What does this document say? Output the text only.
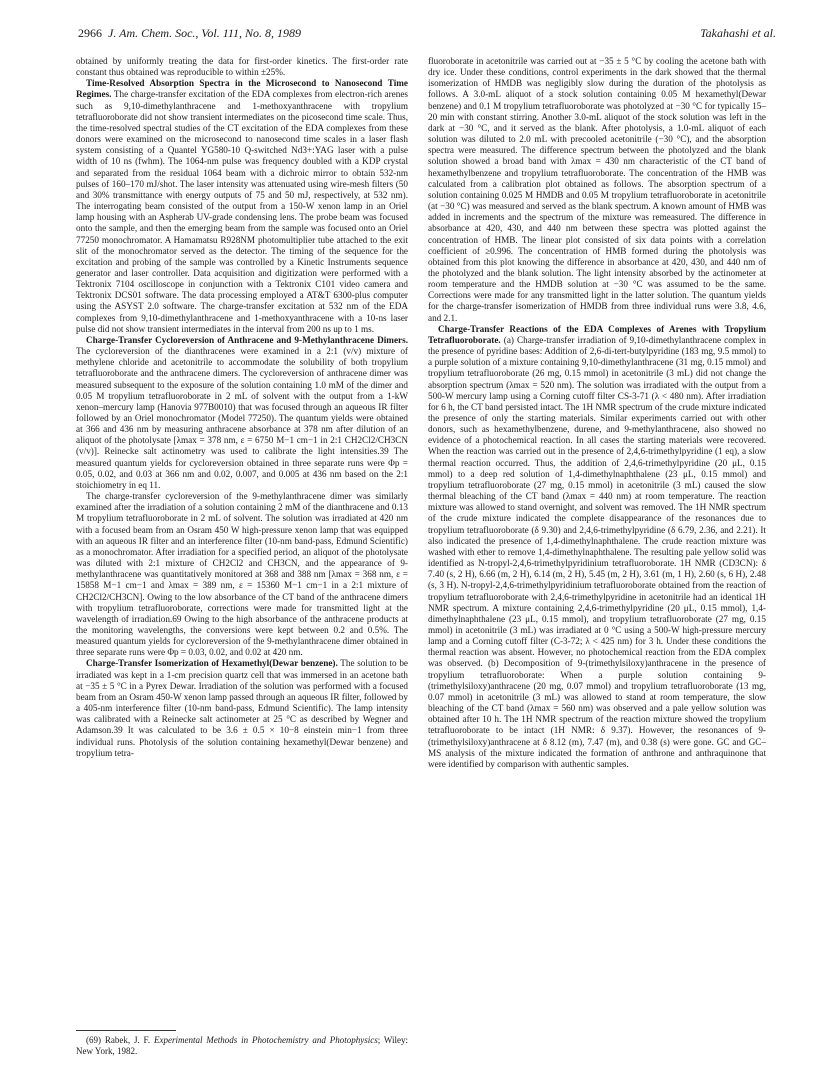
2966 J. Am. Chem. Soc., Vol. 111, No. 8, 1989	Takahashi et al.

obtained by uniformly treating the data for first-order kinetics. The first-order rate constant thus obtained was reproducible to within ±25%.

Time-Resolved Absorption Spectra in the Microsecond to Nanosecond Time Regimes. The charge-transfer excitation of the EDA complexes from electron-rich arenes such as 9,10-dimethylanthracene and 1-methoxyanthracene with tropylium tetrafluoroborate did not show transient intermediates on the picosecond time scale. Thus, the time-resolved spectral studies of the CT excitation of the EDA complexes from these donors were examined on the microsecond to nanosecond time scales in a laser flash system consisting of a Quantel YG580-10 Q-switched Nd3+:YAG laser with a pulse width of 10 ns (fwhm). The 1064-nm pulse was frequency doubled with a KDP crystal and separated from the residual 1064 beam with a dichroic mirror to obtain 532-nm pulses of 160–170 mJ/shot. The laser intensity was attenuated using wire-mesh filters (50 and 30% transmittance with energy outputs of 75 and 50 mJ, respectively, at 532 nm). The interrogating beam consisted of the output from a 150-W xenon lamp in an Oriel lamp housing with an Aspherab UV-grade condensing lens. The probe beam was focused onto the sample, and then the emerging beam from the sample was focused onto an Oriel 77250 monochromator. A Hamamatsu R928NM photomultiplier tube attached to the exit slit of the monochromator served as the detector. The timing of the sequence for the excitation and probing of the sample was controlled by a Kinetic Instruments sequence generator and laser controller. Data acquisition and digitization were performed with a Tektronix 7104 oscilloscope in conjunction with a Tektronix C101 video camera and Tektronix DCS01 software. The data processing employed a AT&T 6300-plus computer using the ASYST 2.0 software. The charge-transfer excitation at 532 nm of the EDA complexes from 9,10-dimethylanthracene and 1-methoxyanthracene with a 10-ns laser pulse did not show transient intermediates in the interval from 200 ns up to 1 ms.

Charge-Transfer Cycloreversion of Anthracene and 9-Methylanthracene Dimers. The cycloreversion of the dianthracenes were examined in a 2:1 (v/v) mixture of methylene chloride and acetonitrile to accommodate the solubility of both tropylium tetrafluoroborate and the anthracene dimers. The cycloreversion of anthracene dimer was measured subsequent to the exposure of the solution containing 1.0 mM of the dimer and 0.05 M tropylium tetrafluoroborate in 2 mL of solvent with the output from a 1-kW xenon–mercury lamp (Hanovia 977B0010) that was focused through an aqueous IR filter followed by an Oriel monochromator (Model 77250). The quantum yields were obtained at 366 and 436 nm by measuring anthracene absorbance at 378 nm after dilution of an aliquot of the photolysate [λmax = 378 nm, ε = 6750 M−1 cm−1 in 2:1 CH2Cl2/CH3CN (v/v)]. Reinecke salt actinometry was used to calibrate the light intensities.39 The measured quantum yields for cycloreversion obtained in three separate runs were Φp = 0.05, 0.02, and 0.03 at 366 nm and 0.02, 0.007, and 0.005 at 436 nm based on the 2:1 stoichiometry in eq 11.

The charge-transfer cycloreversion of the 9-methylanthracene dimer was similarly examined after the irradiation of a solution containing 2 mM of the dianthracene and 0.13 M tropylium tetrafluoroborate in 2 mL of solvent. The solution was irradiated at 420 nm with a focused beam from an Osram 450 W high-pressure xenon lamp that was equipped with an aqueous IR filter and an interference filter (10-nm band-pass, Edmund Scientific) as a monochromator. After irradiation for a specified period, an aliquot of the photolysate was diluted with 2:1 mixture of CH2Cl2 and CH3CN, and the appearance of 9-methylanthracene was quantitatively monitored at 368 and 388 nm [λmax = 368 nm, ε = 15858 M−1 cm−1 and λmax = 389 nm, ε = 15360 M−1 cm−1 in a 2:1 mixture of CH2Cl2/CH3CN]. Owing to the low absorbance of the CT band of the anthracene dimers with tropylium tetrafluoroborate, corrections were made for transmitted light at the wavelength of irradiation.69 Owing to the high absorbance of the anthracene products at the monitoring wavelengths, the conversions were kept between 0.2 and 0.5%. The measured quantum yields for cycloreversion of the 9-methylanthracene dimer obtained in three separate runs were Φp = 0.03, 0.02, and 0.02 at 420 nm.

Charge-Transfer Isomerization of Hexamethyl(Dewar benzene). The solution to be irradiated was kept in a 1-cm precision quartz cell that was immersed in an acetone bath at −35 ± 5 °C in a Pyrex Dewar. Irradiation of the solution was performed with a focused beam from an Osram 450-W xenon lamp passed through an aqueous IR filter, followed by a 405-nm interference filter (10-nm band-pass, Edmund Scientific). The lamp intensity was calibrated with a Reinecke salt actinometer at 25 °C as described by Wegner and Adamson.39 It was calculated to be 3.6 ± 0.5 × 10−8 einstein min−1 from three individual runs. Photolysis of the solution containing hexamethyl(Dewar benzene) and tropylium tetra-

fluoroborate in acetonitrile was carried out at −35 ± 5 °C by cooling the acetone bath with dry ice. Under these conditions, control experiments in the dark showed that the thermal isomerization of HMDB was negligibly slow during the duration of the photolysis as follows. A 3.0-mL aliquot of a stock solution containing 0.05 M hexamethyl(Dewar benzene) and 0.1 M tropylium tetrafluoroborate was photolyzed at −30 °C for typically 15–20 min with constant stirring. Another 3.0-mL aliquot of the stock solution was left in the dark at −30 °C, and it served as the blank. After photolysis, a 1.0-mL aliquot of each solution was diluted to 2.0 mL with precooled acetonitrile (−30 °C), and the absorption spectra were measured. The difference spectrum between the photolyzed and the blank solution showed a broad band with λmax = 430 nm characteristic of the CT band of hexamethylbenzene and tropylium tetrafluoroborate. The concentration of the HMB was calculated from a calibration plot obtained as follows. The absorption spectrum of a solution containing 0.025 M HMDB and 0.05 M tropylium tetrafluoroborate in acetonitrile (at −30 °C) was measured and served as the blank spectrum. A known amount of HMB was added in increments and the spectrum of the mixture was remeasured. The difference in absorbance at 420, 430, and 440 nm between these spectra was plotted against the concentration of HMB. The linear plot consisted of six data points with a correlation coefficient of ≥0.996. The concentration of HMB formed during the photolysis was obtained from this plot knowing the difference in absorbance at 420, 430, and 440 nm of the photolyzed and the blank solution. The light intensity absorbed by the actinometer at room temperature and the HMDB solution at −30 °C was assumed to be the same. Corrections were made for any transmitted light in the latter solution. The quantum yields for the charge-transfer isomerization of HMDB from three individual runs were 3.8, 4.6, and 2.1.

Charge-Transfer Reactions of the EDA Complexes of Arenes with Tropylium Tetrafluoroborate. (a) Charge-transfer irradiation of 9,10-dimethylanthracene complex in the presence of pyridine bases: Addition of 2,6-di-tert-butylpyridine (183 mg, 9.5 mmol) to a purple solution of a mixture containing 9,10-dimethylanthracene (31 mg, 0.15 mmol) and tropylium tetrafluoroborate (26 mg, 0.15 mmol) in acetonitrile (3 mL) did not change the absorption spectrum (λmax = 520 nm). The solution was irradiated with the output from a 500-W mercury lamp using a Corning cutoff filter CS-3-71 (λ < 480 nm). After irradiation for 6 h, the CT band persisted intact. The 1H NMR spectrum of the crude mixture indicated the presence of only the starting materials. Similar experiments carried out with other donors, such as hexamethylbenzene, durene, and 9-methylanthracene, also showed no evidence of a photochemical reaction. In all cases the starting materials were recovered. When the reaction was carried out in the presence of 2,4,6-trimethylpyridine (1 eq), a slow thermal reaction occurred. Thus, the addition of 2,4,6-trimethylpyridine (20 μL, 0.15 mmol) to a deep red solution of 1,4-dimethylnaphthalene (23 μL, 0.15 mmol) and tropylium tetrafluoroborate (27 mg, 0.15 mmol) in acetonitrile (3 mL) caused the slow thermal bleaching of the CT band (λmax = 440 nm) at room temperature. The reaction mixture was allowed to stand overnight, and solvent was removed. The 1H NMR spectrum of the crude mixture indicated the complete disappearance of the resonances due to tropylium tetrafluoroborate (δ 9.30) and 2,4,6-trimethylpyridine (δ 6.79, 2.36, and 2.21). It also indicated the presence of 1,4-dimethylnaphthalene. The crude reaction mixture was washed with ether to remove 1,4-dimethylnaphthalene. The resulting pale yellow solid was identified as N-tropyl-2,4,6-trimethylpyridinium tetrafluoroborate. 1H NMR (CD3CN): δ 7.40 (s, 2 H), 6.66 (m, 2 H), 6.14 (m, 2 H), 5.45 (m, 2 H), 3.61 (m, 1 H), 2.60 (s, 6 H), 2.48 (s, 3 H). N-tropyl-2,4,6-trimethylpyridinium tetrafluoroborate obtained from the reaction of tropylium tetrafluoroborate with 2,4,6-trimethylpyridine in acetonitrile had an identical 1H NMR spectrum. A mixture containing 2,4,6-trimethylpyridine (20 μL, 0.15 mmol), 1,4-dimethylnaphthalene (23 μL, 0.15 mmol), and tropylium tetrafluoroborate (27 mg, 0.15 mmol) in acetonitrile (3 mL) was irradiated at 0 °C using a 500-W high-pressure mercury lamp and a Corning cutoff filter (C-3-72; λ < 425 nm) for 3 h. Under these conditions the thermal reaction was absent. However, no photochemical reaction from the EDA complex was observed. (b) Decomposition of 9-(trimethylsiloxy)anthracene in the presence of tropylium tetrafluoroborate: When a purple solution containing 9-(trimethylsiloxy)anthracene (20 mg, 0.07 mmol) and tropylium tetrafluoroborate (13 mg, 0.07 mmol) in acetonitrile (3 mL) was allowed to stand at room temperature, the slow bleaching of the CT band (λmax = 560 nm) was observed and a pale yellow solution was obtained after 10 h. The 1H NMR spectrum of the reaction mixture showed the tropylium tetrafluoroborate to be intact (1H NMR: δ 9.37). However, the resonances of 9-(trimethylsiloxy)anthracene at δ 8.12 (m), 7.47 (m), and 0.38 (s) were gone. GC and GC–MS analysis of the mixture indicated the formation of anthrone and anthraquinone that were identified by comparison with authentic samples.

(69) Rabek, J. F. Experimental Methods in Photochemistry and Photophysics; Wiley: New York, 1982.
